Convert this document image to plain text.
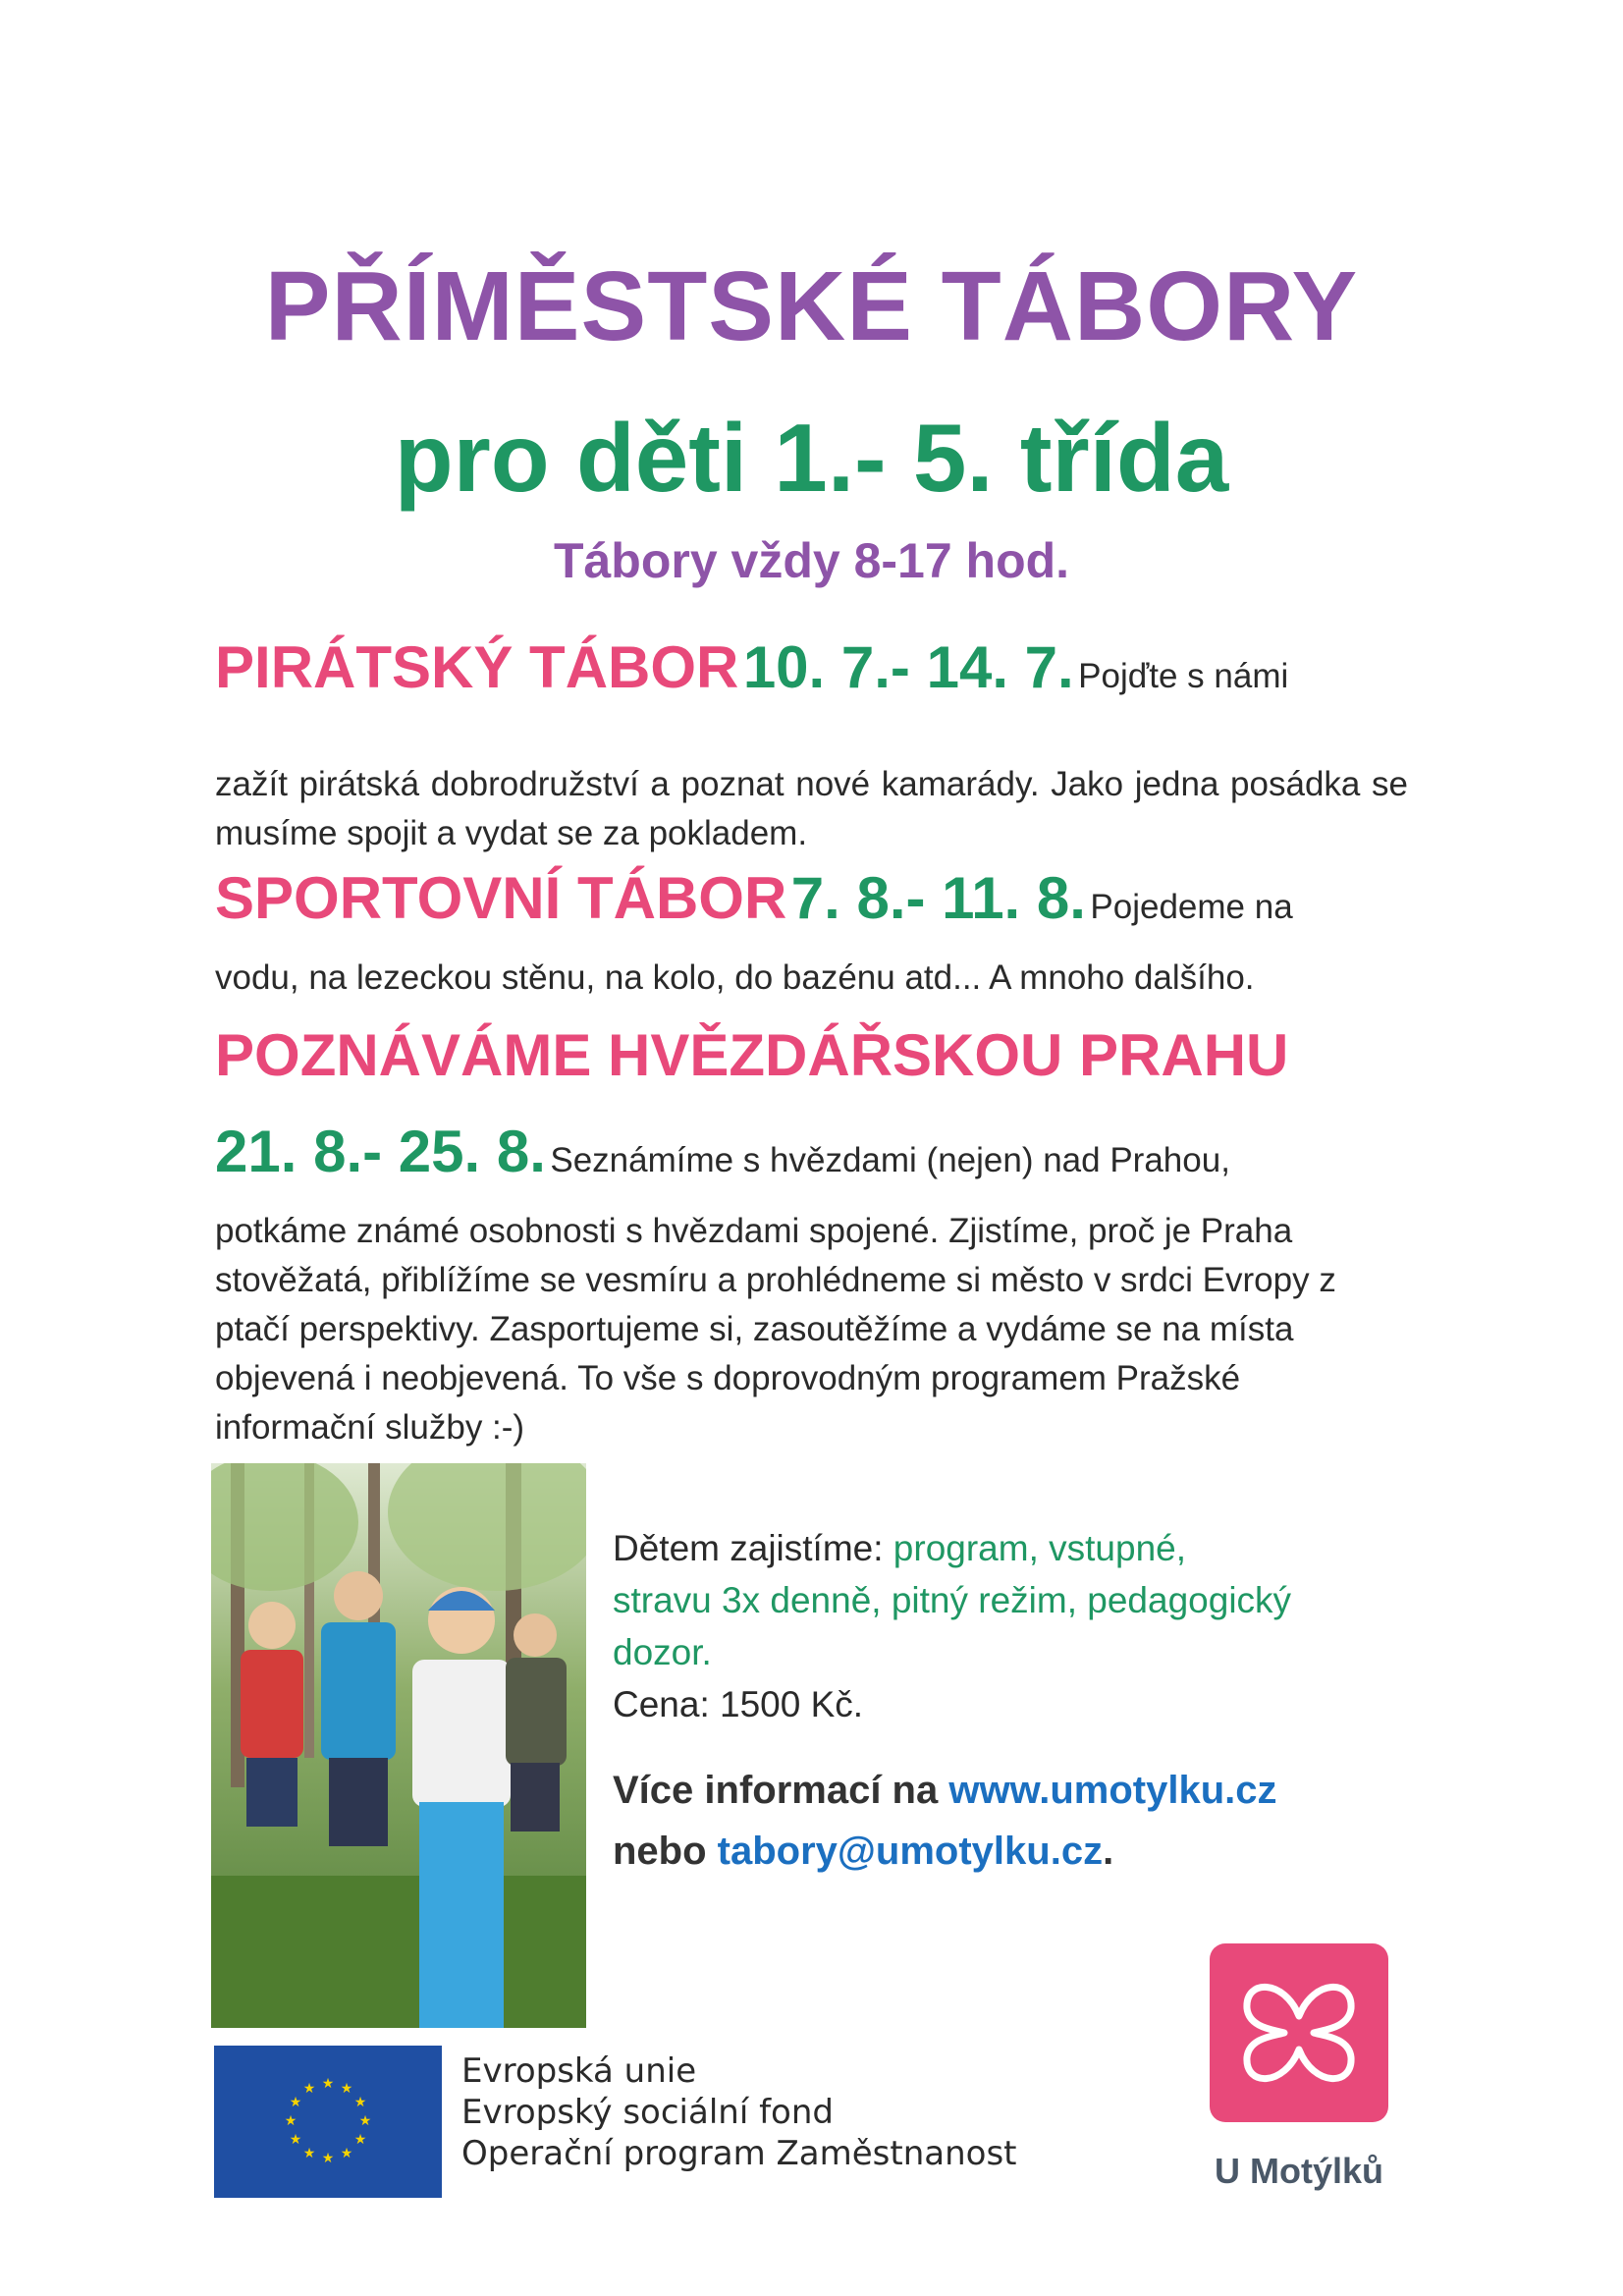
PŘÍMĚSTSKÉ TÁBORY
pro děti 1.- 5. třída
Tábory vždy 8-17 hod.
PIRÁTSKÝ TÁBOR 10. 7.- 14. 7. Pojďte s námi
zažít pirátská dobrodružství a poznat nové kamarády. Jako jedna posádka se musíme spojit a vydat se za pokladem.
SPORTOVNÍ TÁBOR 7. 8.- 11. 8. Pojedeme na
vodu, na lezeckou stěnu, na kolo, do bazénu atd... A mnoho dalšího.
POZNÁVÁME HVĚZDÁŘSKOU PRAHU
21. 8.- 25. 8. Seznámíme s hvězdami (nejen) nad Prahou,
potkáme známé osobnosti s hvězdami spojené. Zjistíme, proč je Praha stověžatá, přiblížíme se vesmíru a prohlédneme si město v srdci Evropy z ptačí perspektivy. Zasportujeme si, zasoutěžíme a vydáme se na místa objevená i neobjevená. To vše s doprovodným programem Pražské informační služby :-)
Dětem zajistíme: program, vstupné,
stravu 3x denně, pitný režim, pedagogický
dozor.
Cena: 1500 Kč.
Více informací na www.umotylku.cz
nebo tabory@umotylku.cz.
★ ★
★
★
★
★
★
★
★
★
★
★	Evropská unie
Evropský sociální fond
Operační program Zaměstnanost	U Motýlků
